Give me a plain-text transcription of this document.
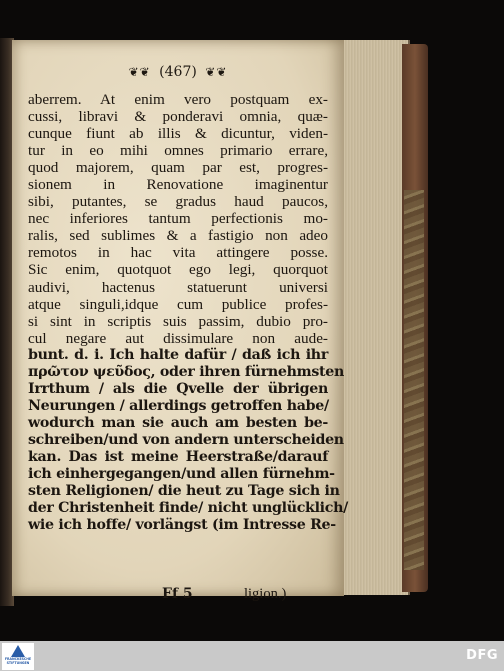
❦❦ (467) ❦❦
aberrem. At enim vero postquam ex-
cussi, libravi & ponderavi omnia, quæ-
cunque fiunt ab illis & dicuntur, viden-
tur in eo mihi omnes primario errare,
quod majorem, quam par est, progres-
sionem in Renovatione imaginentur
sibi, putantes, se gradus haud paucos,
nec inferiores tantum perfectionis mo-
ralis, sed sublimes & a fastigio non adeo
remotos in hac vita attingere posse.
Sic enim, quotquot ego legi, quorquot
audivi, hactenus statuerunt universi
atque singuli,idque cum publice profes-
si sint in scriptis suis passim, dubio pro-
cul negare aut dissimulare non aude-
bunt. d. i. Ich halte dafür / daß ich ihr
πρῶτον ψεῦδος, oder ihren fürnehmsten
Irrthum / als die Qvelle der übrigen
Neurungen / allerdings getroffen habe/
wodurch man sie auch am besten be-
schreiben/und von andern unterscheiden
kan. Das ist meine Heerstraße/darauf
ich einhergegangen/und allen fürnehm-
sten Religionen/ die heut zu Tage sich in
der Christenheit finde/ nicht unglücklich/
wie ich hoffe/ vorlängst (im Intresse Re-
Ff 5	ligion.)
FRANCKESCHE STIFTUNGEN	DFG
